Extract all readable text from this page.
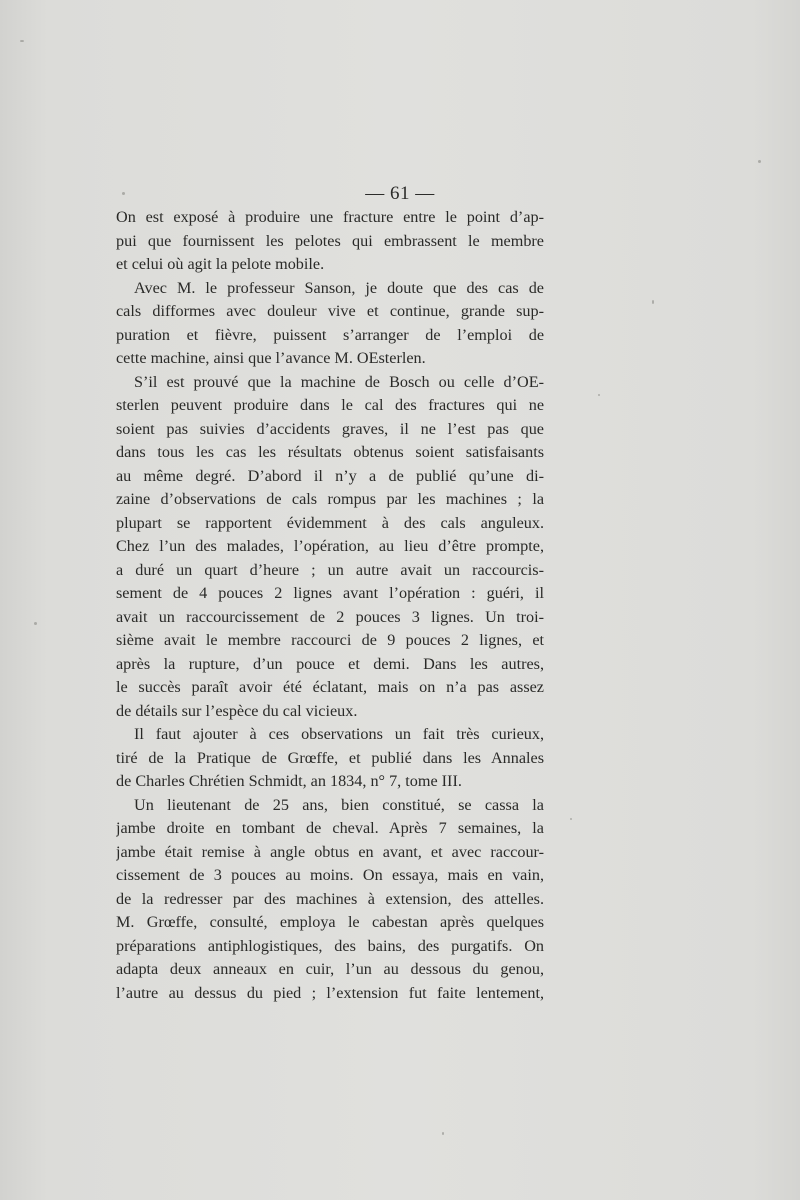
— 61 —
On est exposé à produire une fracture entre le point d’ap-
pui que fournissent les pelotes qui embrassent le membre
et celui où agit la pelote mobile.
Avec M. le professeur Sanson, je doute que des cas de
cals difformes avec douleur vive et continue, grande sup-
puration et fièvre, puissent s’arranger de l’emploi de
cette machine, ainsi que l’avance M. OEsterlen.
S’il est prouvé que la machine de Bosch ou celle d’OE-
sterlen peuvent produire dans le cal des fractures qui ne
soient pas suivies d’accidents graves, il ne l’est pas que
dans tous les cas les résultats obtenus soient satisfaisants
au même degré. D’abord il n’y a de publié qu’une di-
zaine d’observations de cals rompus par les machines ; la
plupart se rapportent évidemment à des cals anguleux.
Chez l’un des malades, l’opération, au lieu d’être prompte,
a duré un quart d’heure ; un autre avait un raccourcis-
sement de 4 pouces 2 lignes avant l’opération : guéri, il
avait un raccourcissement de 2 pouces 3 lignes. Un troi-
sième avait le membre raccourci de 9 pouces 2 lignes, et
après la rupture, d’un pouce et demi. Dans les autres,
le succès paraît avoir été éclatant, mais on n’a pas assez
de détails sur l’espèce du cal vicieux.
Il faut ajouter à ces observations un fait très curieux,
tiré de la Pratique de Grœffe, et publié dans les Annales
de Charles Chrétien Schmidt, an 1834, n° 7, tome III.
Un lieutenant de 25 ans, bien constitué, se cassa la
jambe droite en tombant de cheval. Après 7 semaines, la
jambe était remise à angle obtus en avant, et avec raccour-
cissement de 3 pouces au moins. On essaya, mais en vain,
de la redresser par des machines à extension, des attelles.
M. Grœffe, consulté, employa le cabestan après quelques
préparations antiphlogistiques, des bains, des purgatifs. On
adapta deux anneaux en cuir, l’un au dessous du genou,
l’autre au dessus du pied ; l’extension fut faite lentement,
